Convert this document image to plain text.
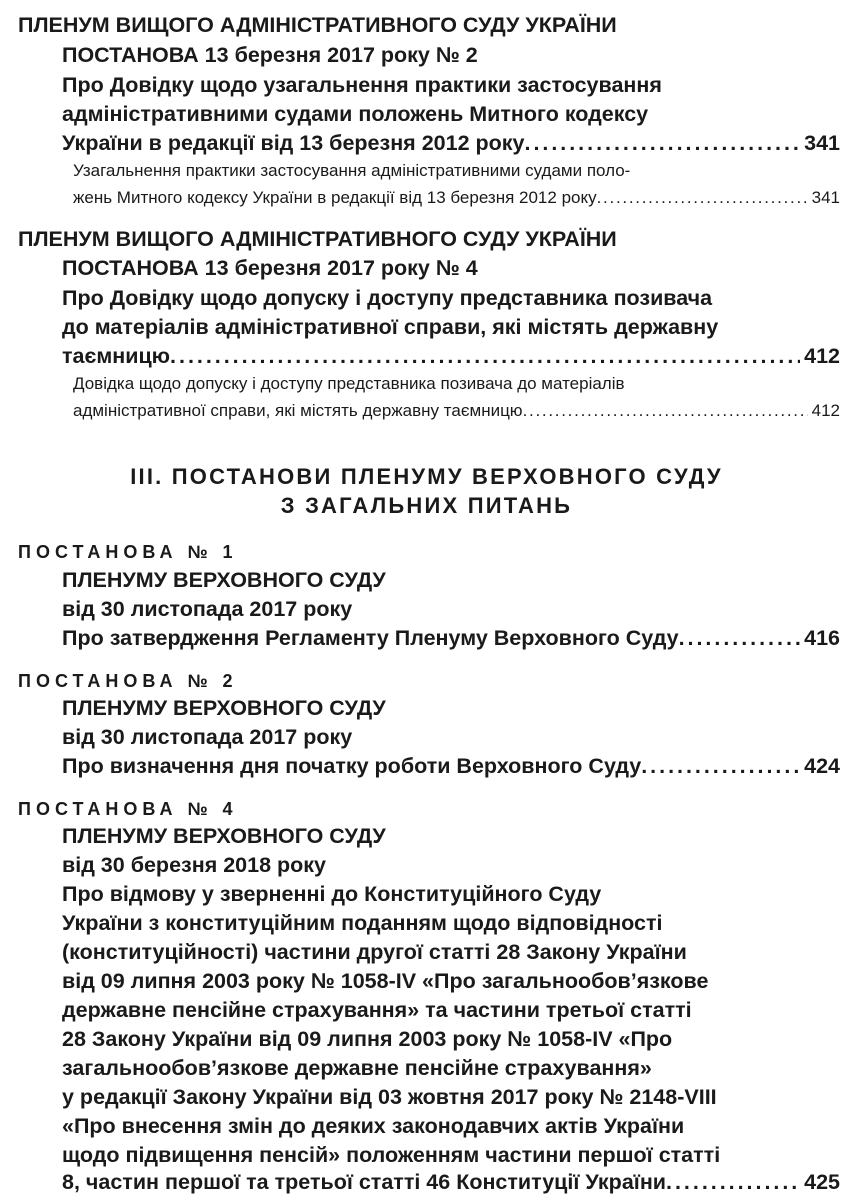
ПЛЕНУМ ВИЩОГО АДМІНІСТРАТИВНОГО СУДУ УКРАЇНИ
ПОСТАНОВА 13 березня 2017 року № 2
Про Довідку щодо узагальнення практики застосування
адміністративними судами положень Митного кодексу
України в редакції від 13 березня 2012 року . . .	341
Узагальнення практики застосування адміністративними судами поло-
жень Митного кодексу України в редакції від 13 березня 2012 року . . .	341
ПЛЕНУМ ВИЩОГО АДМІНІСТРАТИВНОГО СУДУ УКРАЇНИ
ПОСТАНОВА 13 березня 2017 року № 4
Про Довідку щодо допуску і доступу представника позивача
до матеріалів адміністративної справи, які містять державну
таємницю . . .	412
Довідка щодо допуску і доступу представника позивача до матеріалів
адміністративної справи, які містять державну таємницю . . .	412
ІІІ. ПОСТАНОВИ ПЛЕНУМУ ВЕРХОВНОГО СУДУ
З ЗАГАЛЬНИХ ПИТАНЬ
ПОСТАНОВА № 1
ПЛЕНУМУ ВЕРХОВНОГО СУДУ
від 30 листопада 2017 року
Про затвердження Регламенту Пленуму Верховного Суду . . .	416
ПОСТАНОВА № 2
ПЛЕНУМУ ВЕРХОВНОГО СУДУ
від 30 листопада 2017 року
Про визначення дня початку роботи Верховного Суду . . .	424
ПОСТАНОВА № 4
ПЛЕНУМУ ВЕРХОВНОГО СУДУ
від 30 березня 2018 року
Про відмову у зверненні до Конституційного Суду
України з конституційним поданням щодо відповідності
(конституційності) частини другої статті 28 Закону України
від 09 липня 2003 року № 1058-IV «Про загальнообов’язкове
державне пенсійне страхування» та частини третьої статті
28 Закону України від 09 липня 2003 року № 1058-IV «Про
загальнообов’язкове державне пенсійне страхування»
у редакції Закону України від 03 жовтня 2017 року № 2148-VIII
«Про внесення змін до деяких законодавчих актів України
щодо підвищення пенсій» положенням частини першої статті
8, частин першої та третьої статті 46 Конституції України . . .	425
